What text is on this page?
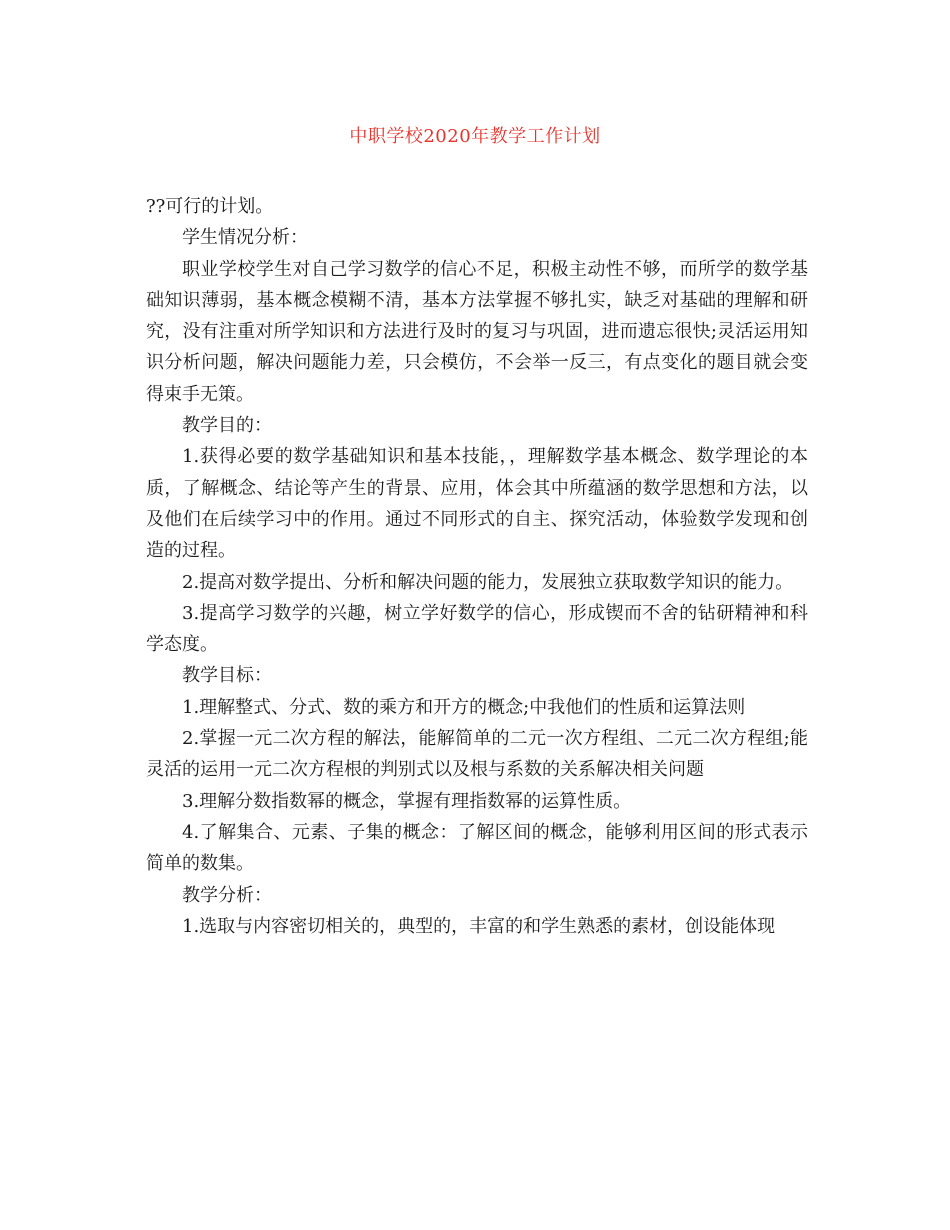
中职学校2020年教学工作计划

??可行的计划。

学生情况分析：

职业学校学生对自己学习数学的信心不足，积极主动性不够，而所学的数学基础知识薄弱，基本概念模糊不清，基本方法掌握不够扎实，缺乏对基础的理解和研究，没有注重对所学知识和方法进行及时的复习与巩固，进而遗忘很快;灵活运用知识分析问题，解决问题能力差，只会模仿，不会举一反三，有点变化的题目就会变得束手无策。

教学目的：

1.获得必要的数学基础知识和基本技能，，理解数学基本概念、数学理论的本质，了解概念、结论等产生的背景、应用，体会其中所蕴涵的数学思想和方法，以及他们在后续学习中的作用。通过不同形式的自主、探究活动，体验数学发现和创造的过程。

2.提高对数学提出、分析和解决问题的能力，发展独立获取数学知识的能力。

3.提高学习数学的兴趣，树立学好数学的信心，形成锲而不舍的钻研精神和科学态度。

教学目标：

1.理解整式、分式、数的乘方和开方的概念;中我他们的性质和运算法则

2.掌握一元二次方程的解法，能解简单的二元一次方程组、二元二次方程组;能灵活的运用一元二次方程根的判别式以及根与系数的关系解决相关问题

3.理解分数指数幂的概念，掌握有理指数幂的运算性质。

4.了解集合、元素、子集的概念：了解区间的概念，能够利用区间的形式表示简单的数集。

教学分析：

1.选取与内容密切相关的，典型的，丰富的和学生熟悉的素材，创设能体现
